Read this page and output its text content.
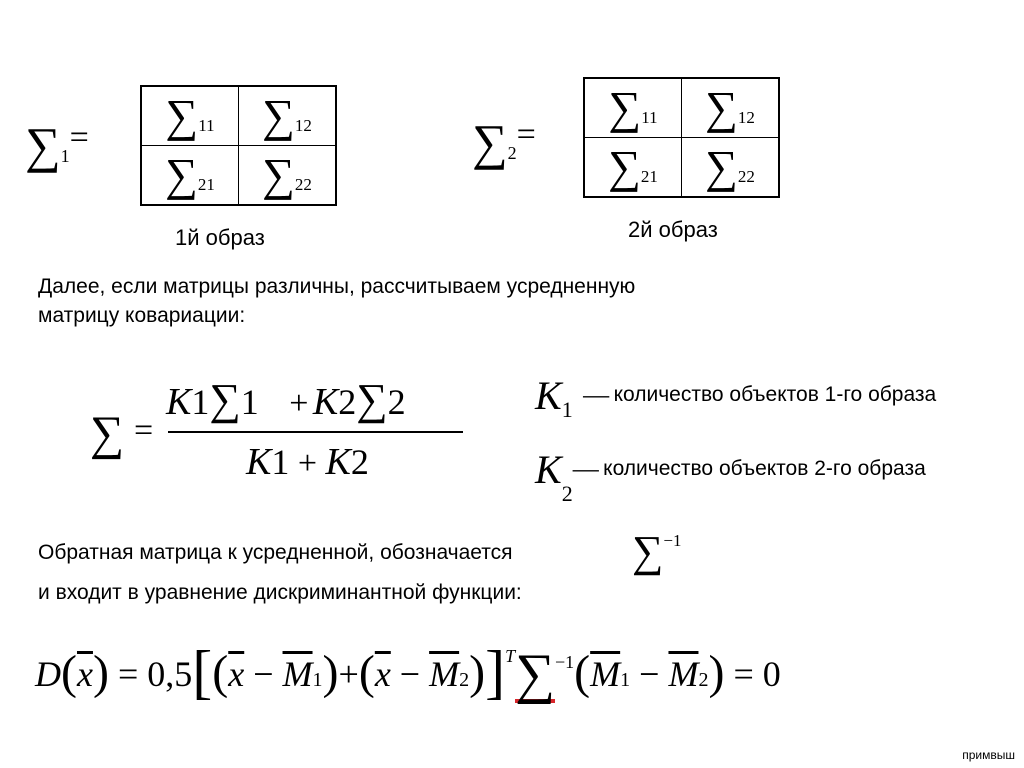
∑1= ∑11	∑12
∑21	∑22
1й образ
∑2=
∑11	∑12
∑21	∑22
2й образ
Далее, если матрицы различны, рассчитываем усредненную
матрицу ковариации:
∑ =
K1∑1 + K2∑2
K1 + K2
K1 — количество объектов 1-го образа
K2— количество объектов 2-го образа
Обратная матрица к усредненной, обозначается	∑−1
и входит в уравнение дискриминантной функции:
$D(\overline{x}) = 0,5[(\overline{x} - \overline{M}1)+(\overline{x} - \overline{M}2)]^T\sum^{-1}(\overline{M}1 - \overline{M}2) = 0$
примвыш
